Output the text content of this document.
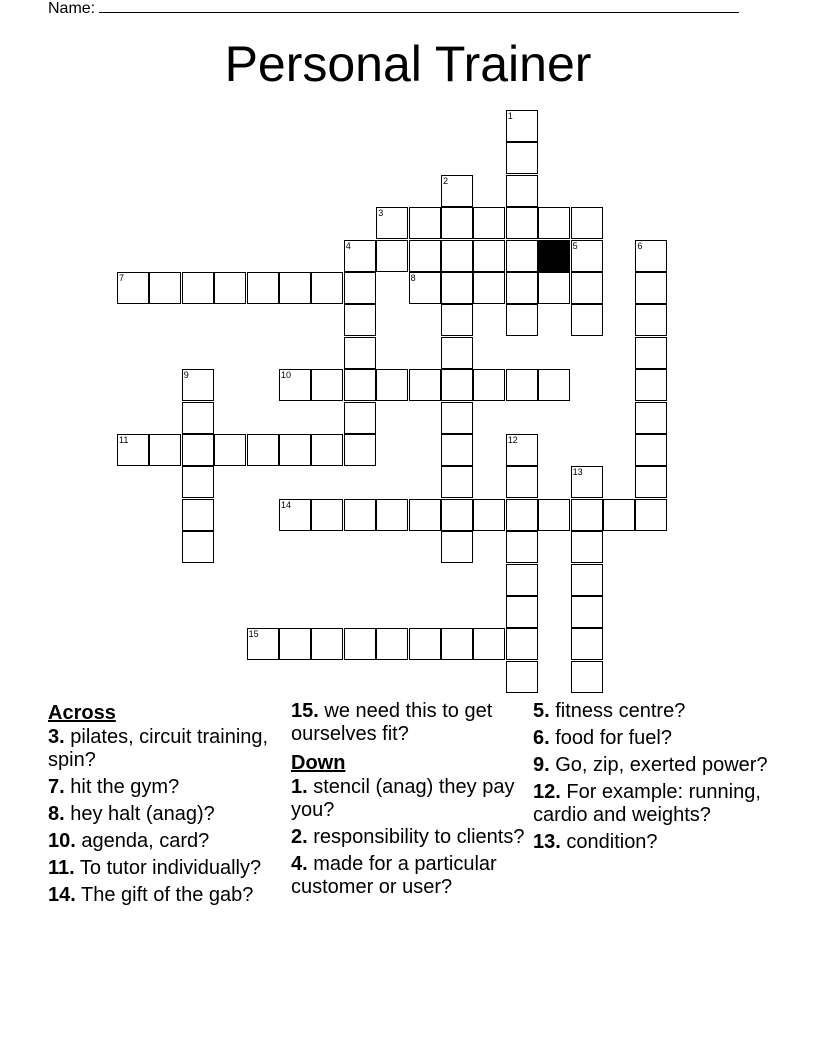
Name:
Personal Trainer
1
2
3
4	5	6
7	8
9	10
11	12
13
14
15
Across
3. pilates, circuit training, spin?
7. hit the gym?
8. hey halt (anag)?
10. agenda, card?
11. To tutor individually?
14. The gift of the gab?
15. we need this to get ourselves fit?
Down
1. stencil (anag) they pay you?
2. responsibility to clients?
4. made for a particular customer or user?
5. fitness centre?
6. food for fuel?
9. Go, zip, exerted power?
12. For example: running, cardio and weights?
13. condition?
